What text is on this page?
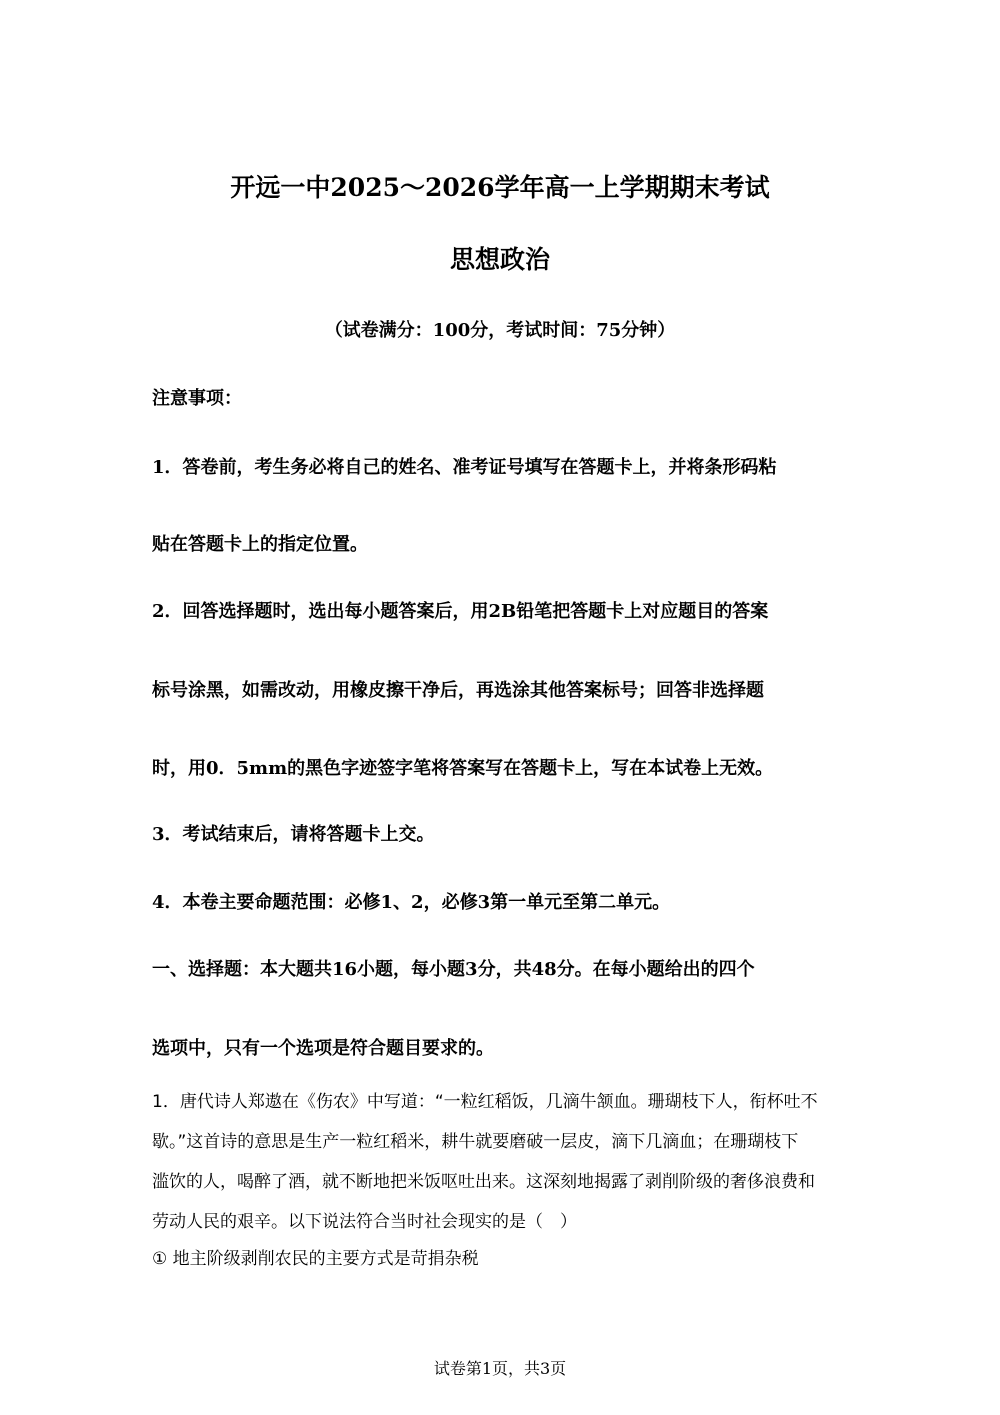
开远一中2025～2026学年高一上学期期末考试
思想政治
（试卷满分：100分，考试时间：75分钟）
注意事项：
1．答卷前，考生务必将自己的姓名、准考证号填写在答题卡上，并将条形码粘
贴在答题卡上的指定位置。
2．回答选择题时，选出每小题答案后，用2B铅笔把答题卡上对应题目的答案
标号涂黑，如需改动，用橡皮擦干净后，再选涂其他答案标号；回答非选择题
时，用0．5mm的黑色字迹签字笔将答案写在答题卡上，写在本试卷上无效。
3．考试结束后，请将答题卡上交。
4．本卷主要命题范围：必修1、2，必修3第一单元至第二单元。
一、选择题：本大题共16小题，每小题3分，共48分。在每小题给出的四个
选项中，只有一个选项是符合题目要求的。
1．唐代诗人郑遨在《伤农》中写道：“一粒红稻饭，几滴牛颔血。珊瑚枝下人，衔杯吐不
歇。”这首诗的意思是生产一粒红稻米，耕牛就要磨破一层皮，滴下几滴血；在珊瑚枝下
滥饮的人，喝醉了酒，就不断地把米饭呕吐出来。这深刻地揭露了剥削阶级的奢侈浪费和
劳动人民的艰辛。以下说法符合当时社会现实的是（　）
① 地主阶级剥削农民的主要方式是苛捐杂税
试卷第1页，共3页
